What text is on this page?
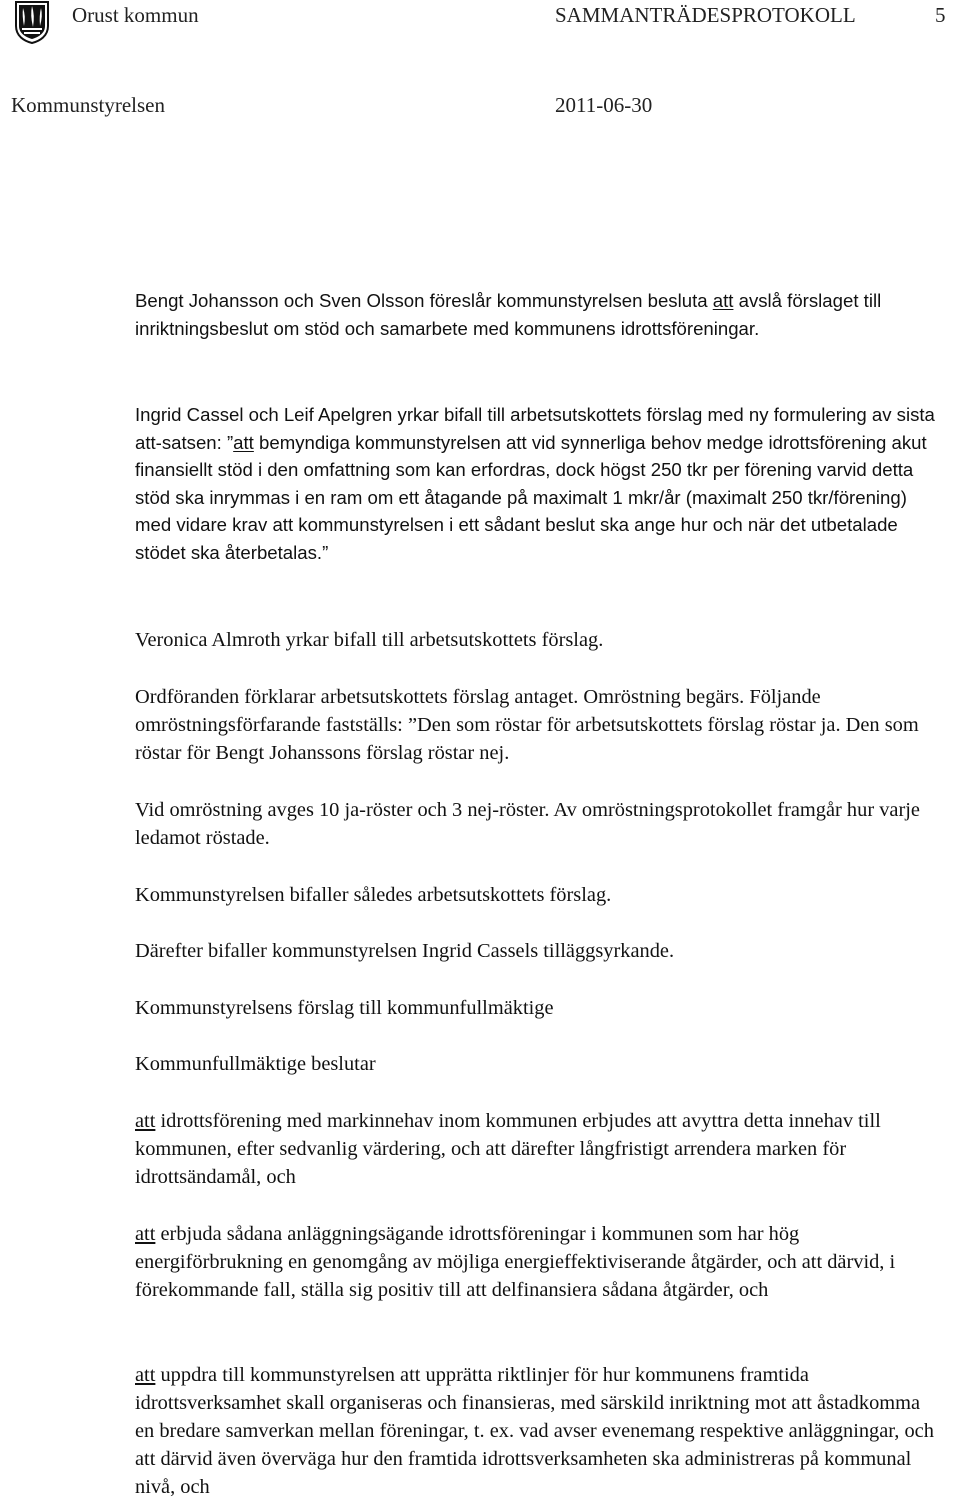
Orust kommun	SAMMANTRÄDESPROTOKOLL	5
Kommunstyrelsen	2011-06-30

Bengt Johansson och Sven Olsson föreslår kommunstyrelsen besluta att avslå förslaget till inriktningsbeslut om stöd och samarbete med kommunens idrottsföreningar.

Ingrid Cassel och Leif Apelgren yrkar bifall till arbetsutskottets förslag med ny formulering av sista att-satsen: ”att bemyndiga kommunstyrelsen att vid synnerliga behov medge idrottsförening akut finansiellt stöd i den omfattning som kan erfordras, dock högst 250 tkr per förening varvid detta stöd ska inrymmas i en ram om ett åtagande på maximalt 1 mkr/år (maximalt 250 tkr/förening) med vidare krav att kommunstyrelsen i ett sådant beslut ska ange hur och när det utbetalade stödet ska återbetalas.”

Veronica Almroth yrkar bifall till arbetsutskottets förslag.

Ordföranden förklarar arbetsutskottets förslag antaget. Omröstning begärs. Följande omröstningsförfarande fastställs: ”Den som röstar för arbetsutskottets förslag röstar ja. Den som röstar för Bengt Johanssons förslag röstar nej.

Vid omröstning avges 10 ja-röster och 3 nej-röster. Av omröstningsprotokollet framgår hur varje ledamot röstade.

Kommunstyrelsen bifaller således arbetsutskottets förslag.

Därefter bifaller kommunstyrelsen Ingrid Cassels tilläggsyrkande.

Kommunstyrelsens förslag till kommunfullmäktige

Kommunfullmäktige beslutar

att idrottsförening med markinnehav inom kommunen erbjudes att avyttra detta innehav till kommunen, efter sedvanlig värdering, och att därefter långfristigt arrendera marken för idrottsändamål, och

att erbjuda sådana anläggningsägande idrottsföreningar i kommunen som har hög energiförbrukning en genomgång av möjliga energieffektiviserande åtgärder, och att därvid, i förekommande fall, ställa sig positiv till att delfinansiera sådana åtgärder, och

att uppdra till kommunstyrelsen att upprätta riktlinjer för hur kommunens framtida idrottsverksamhet skall organiseras och finansieras, med särskild inriktning mot att åstadkomma en bredare samverkan mellan föreningar, t. ex. vad avser evenemang respektive anläggningar, och att därvid även överväga hur den framtida idrottsverksamheten ska administreras på kommunal nivå, och
